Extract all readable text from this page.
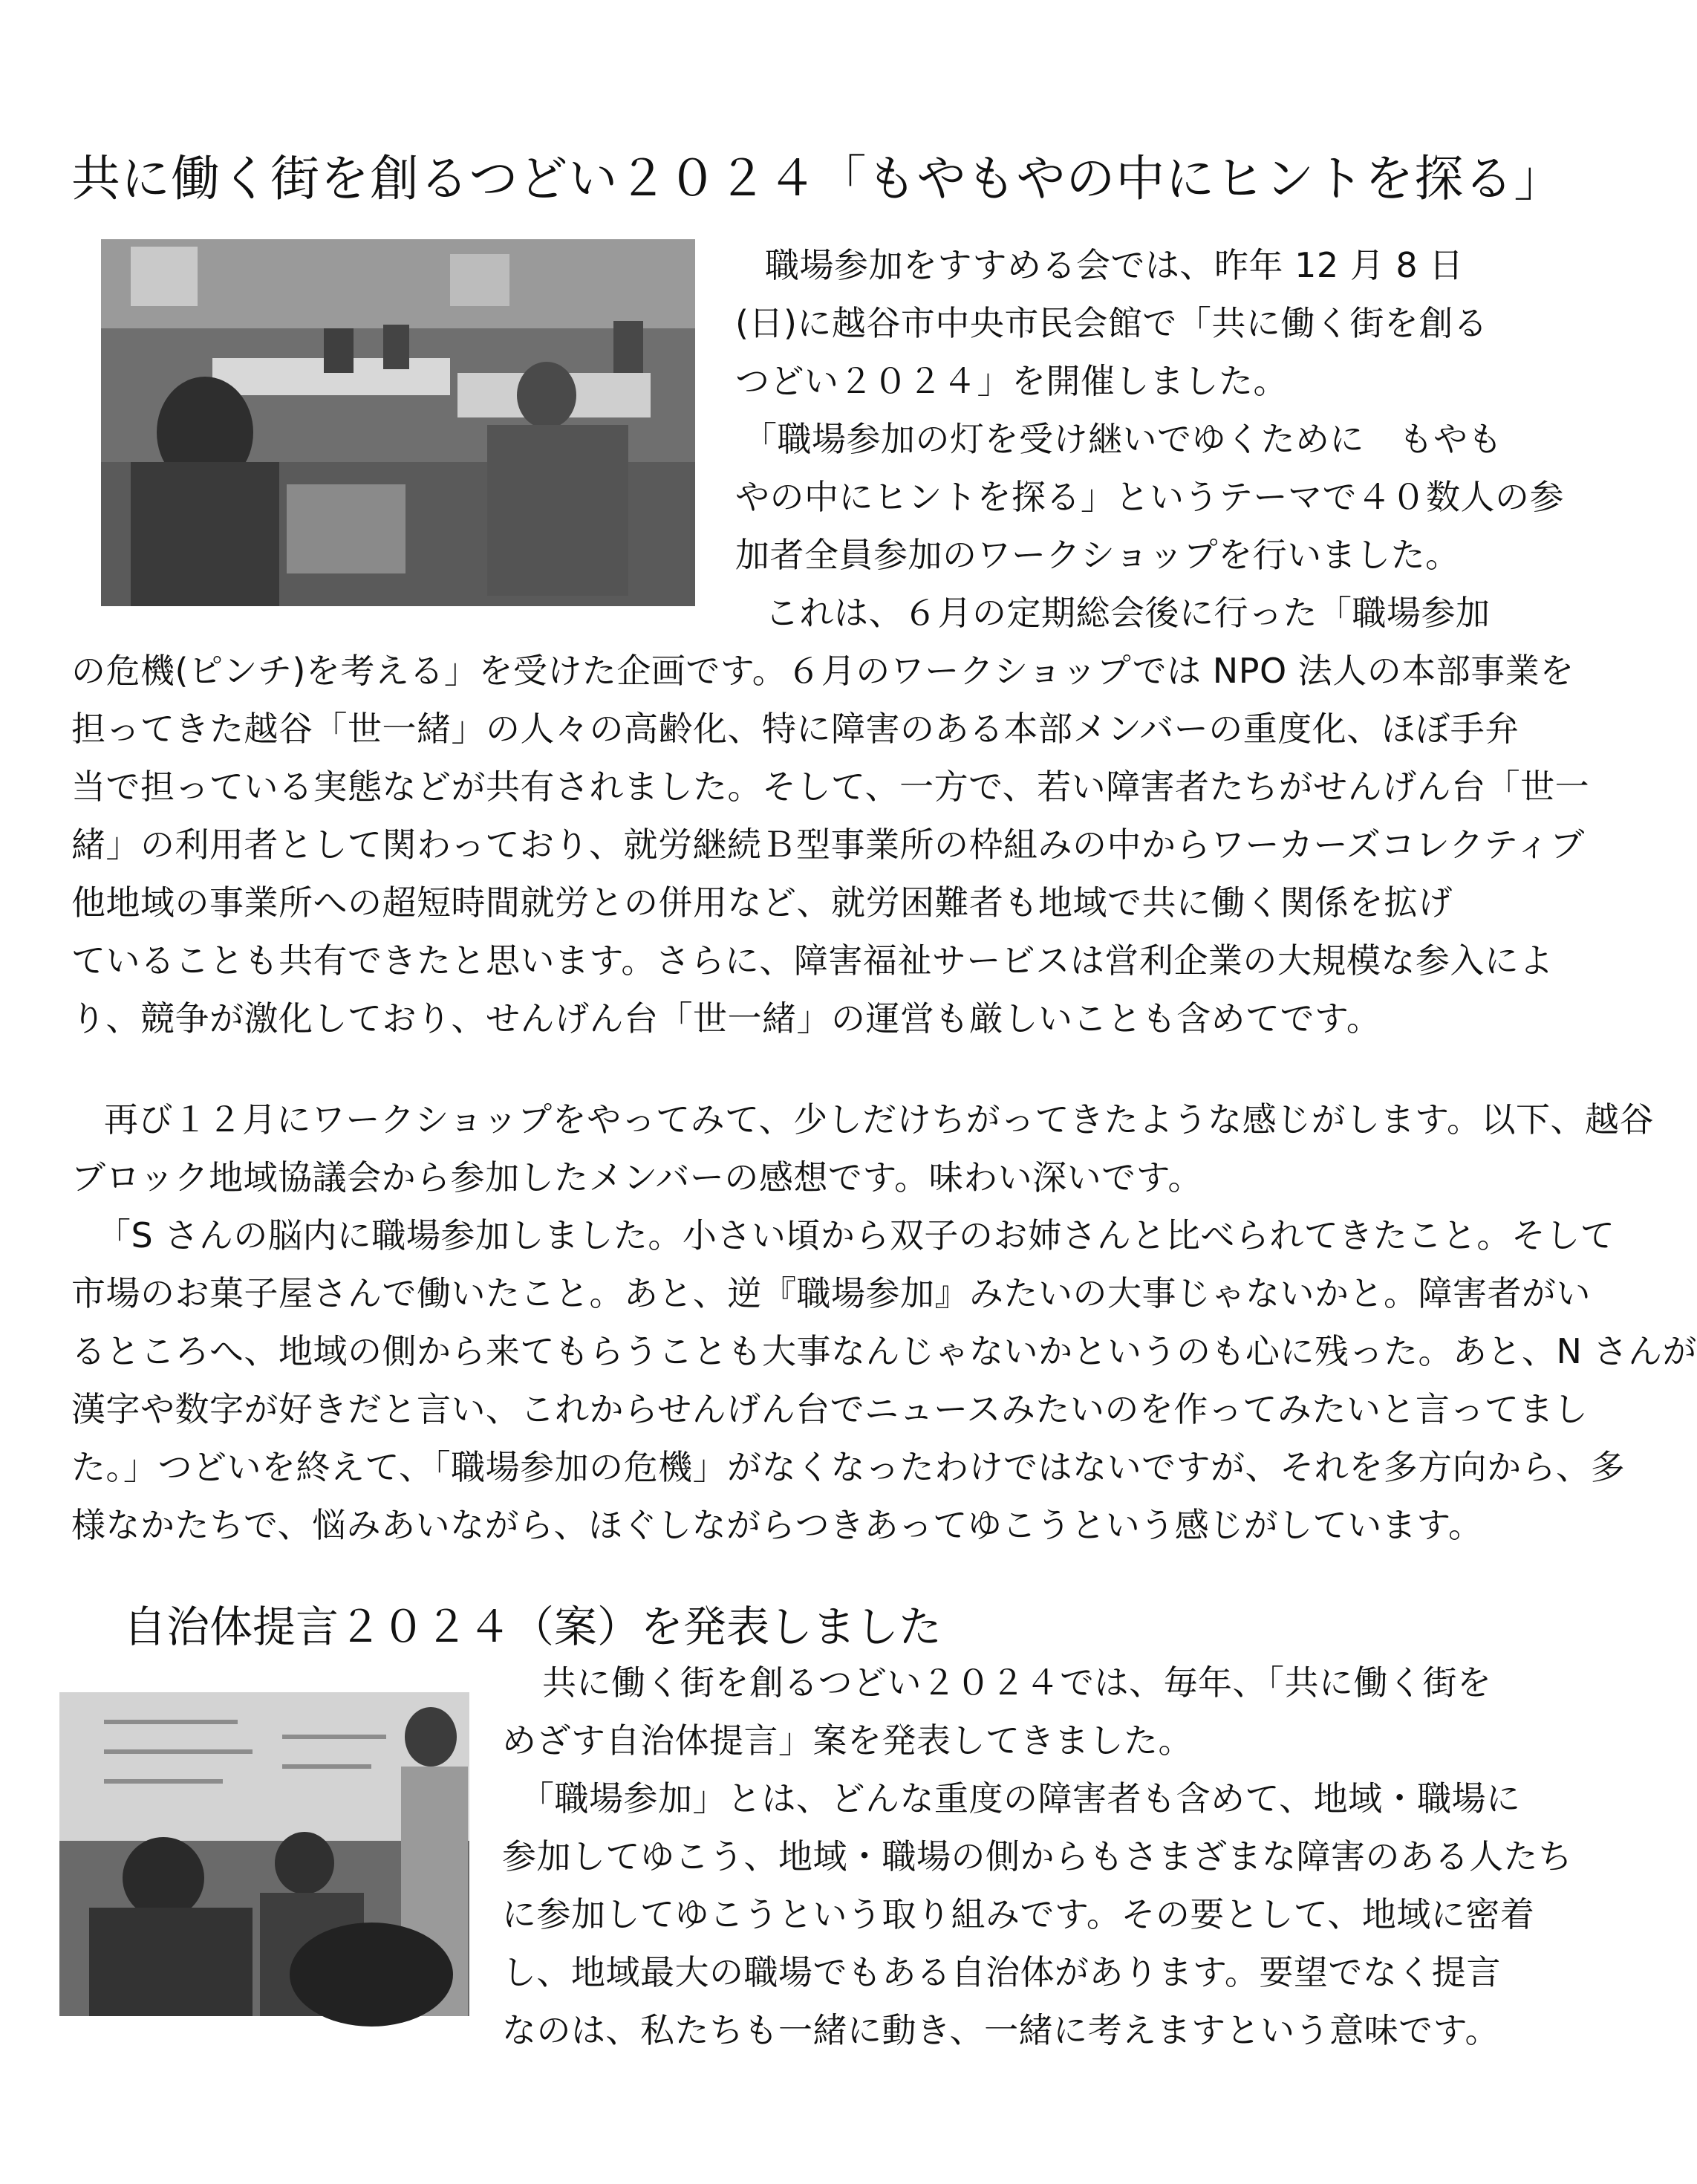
共に働く街を創るつどい２０２４「もやもやの中にヒントを探る」
職場参加をすすめる会では、昨年 12 月 8 日
(日)に越谷市中央市民会館で「共に働く街を創る
つどい２０２４」を開催しました。
「職場参加の灯を受け継いでゆくために　もやも
やの中にヒントを探る」というテーマで４０数人の参
加者全員参加のワークショップを行いました。
これは、６月の定期総会後に行った「職場参加
の危機(ピンチ)を考える」を受けた企画です。６月のワークショップでは NPO 法人の本部事業を
担ってきた越谷「世一緒」の人々の高齢化、特に障害のある本部メンバーの重度化、ほぼ手弁
当で担っている実態などが共有されました。そして、一方で、若い障害者たちがせんげん台「世一
緒」の利用者として関わっており、就労継続Ｂ型事業所の枠組みの中からワーカーズコレクティブ
他地域の事業所への超短時間就労との併用など、就労困難者も地域で共に働く関係を拡げ
ていることも共有できたと思います。さらに、障害福祉サービスは営利企業の大規模な参入によ
り、競争が激化しており、せんげん台「世一緒」の運営も厳しいことも含めてです。
再び１２月にワークショップをやってみて、少しだけちがってきたような感じがします。以下、越谷
ブロック地域協議会から参加したメンバーの感想です。味わい深いです。
「S さんの脳内に職場参加しました。小さい頃から双子のお姉さんと比べられてきたこと。そして
市場のお菓子屋さんで働いたこと。あと、逆『職場参加』みたいの大事じゃないかと。障害者がい
るところへ、地域の側から来てもらうことも大事なんじゃないかというのも心に残った。あと、N さんが
漢字や数字が好きだと言い、これからせんげん台でニュースみたいのを作ってみたいと言ってまし
た。」つどいを終えて、「職場参加の危機」がなくなったわけではないですが、それを多方向から、多
様なかたちで、悩みあいながら、ほぐしながらつきあってゆこうという感じがしています。
自治体提言２０２４（案）を発表しました
共に働く街を創るつどい２０２４では、毎年、「共に働く街を
めざす自治体提言」案を発表してきました。
「職場参加」とは、どんな重度の障害者も含めて、地域・職場に
参加してゆこう、地域・職場の側からもさまざまな障害のある人たち
に参加してゆこうという取り組みです。その要として、地域に密着
し、地域最大の職場でもある自治体があります。要望でなく提言
なのは、私たちも一緒に動き、一緒に考えますという意味です。
